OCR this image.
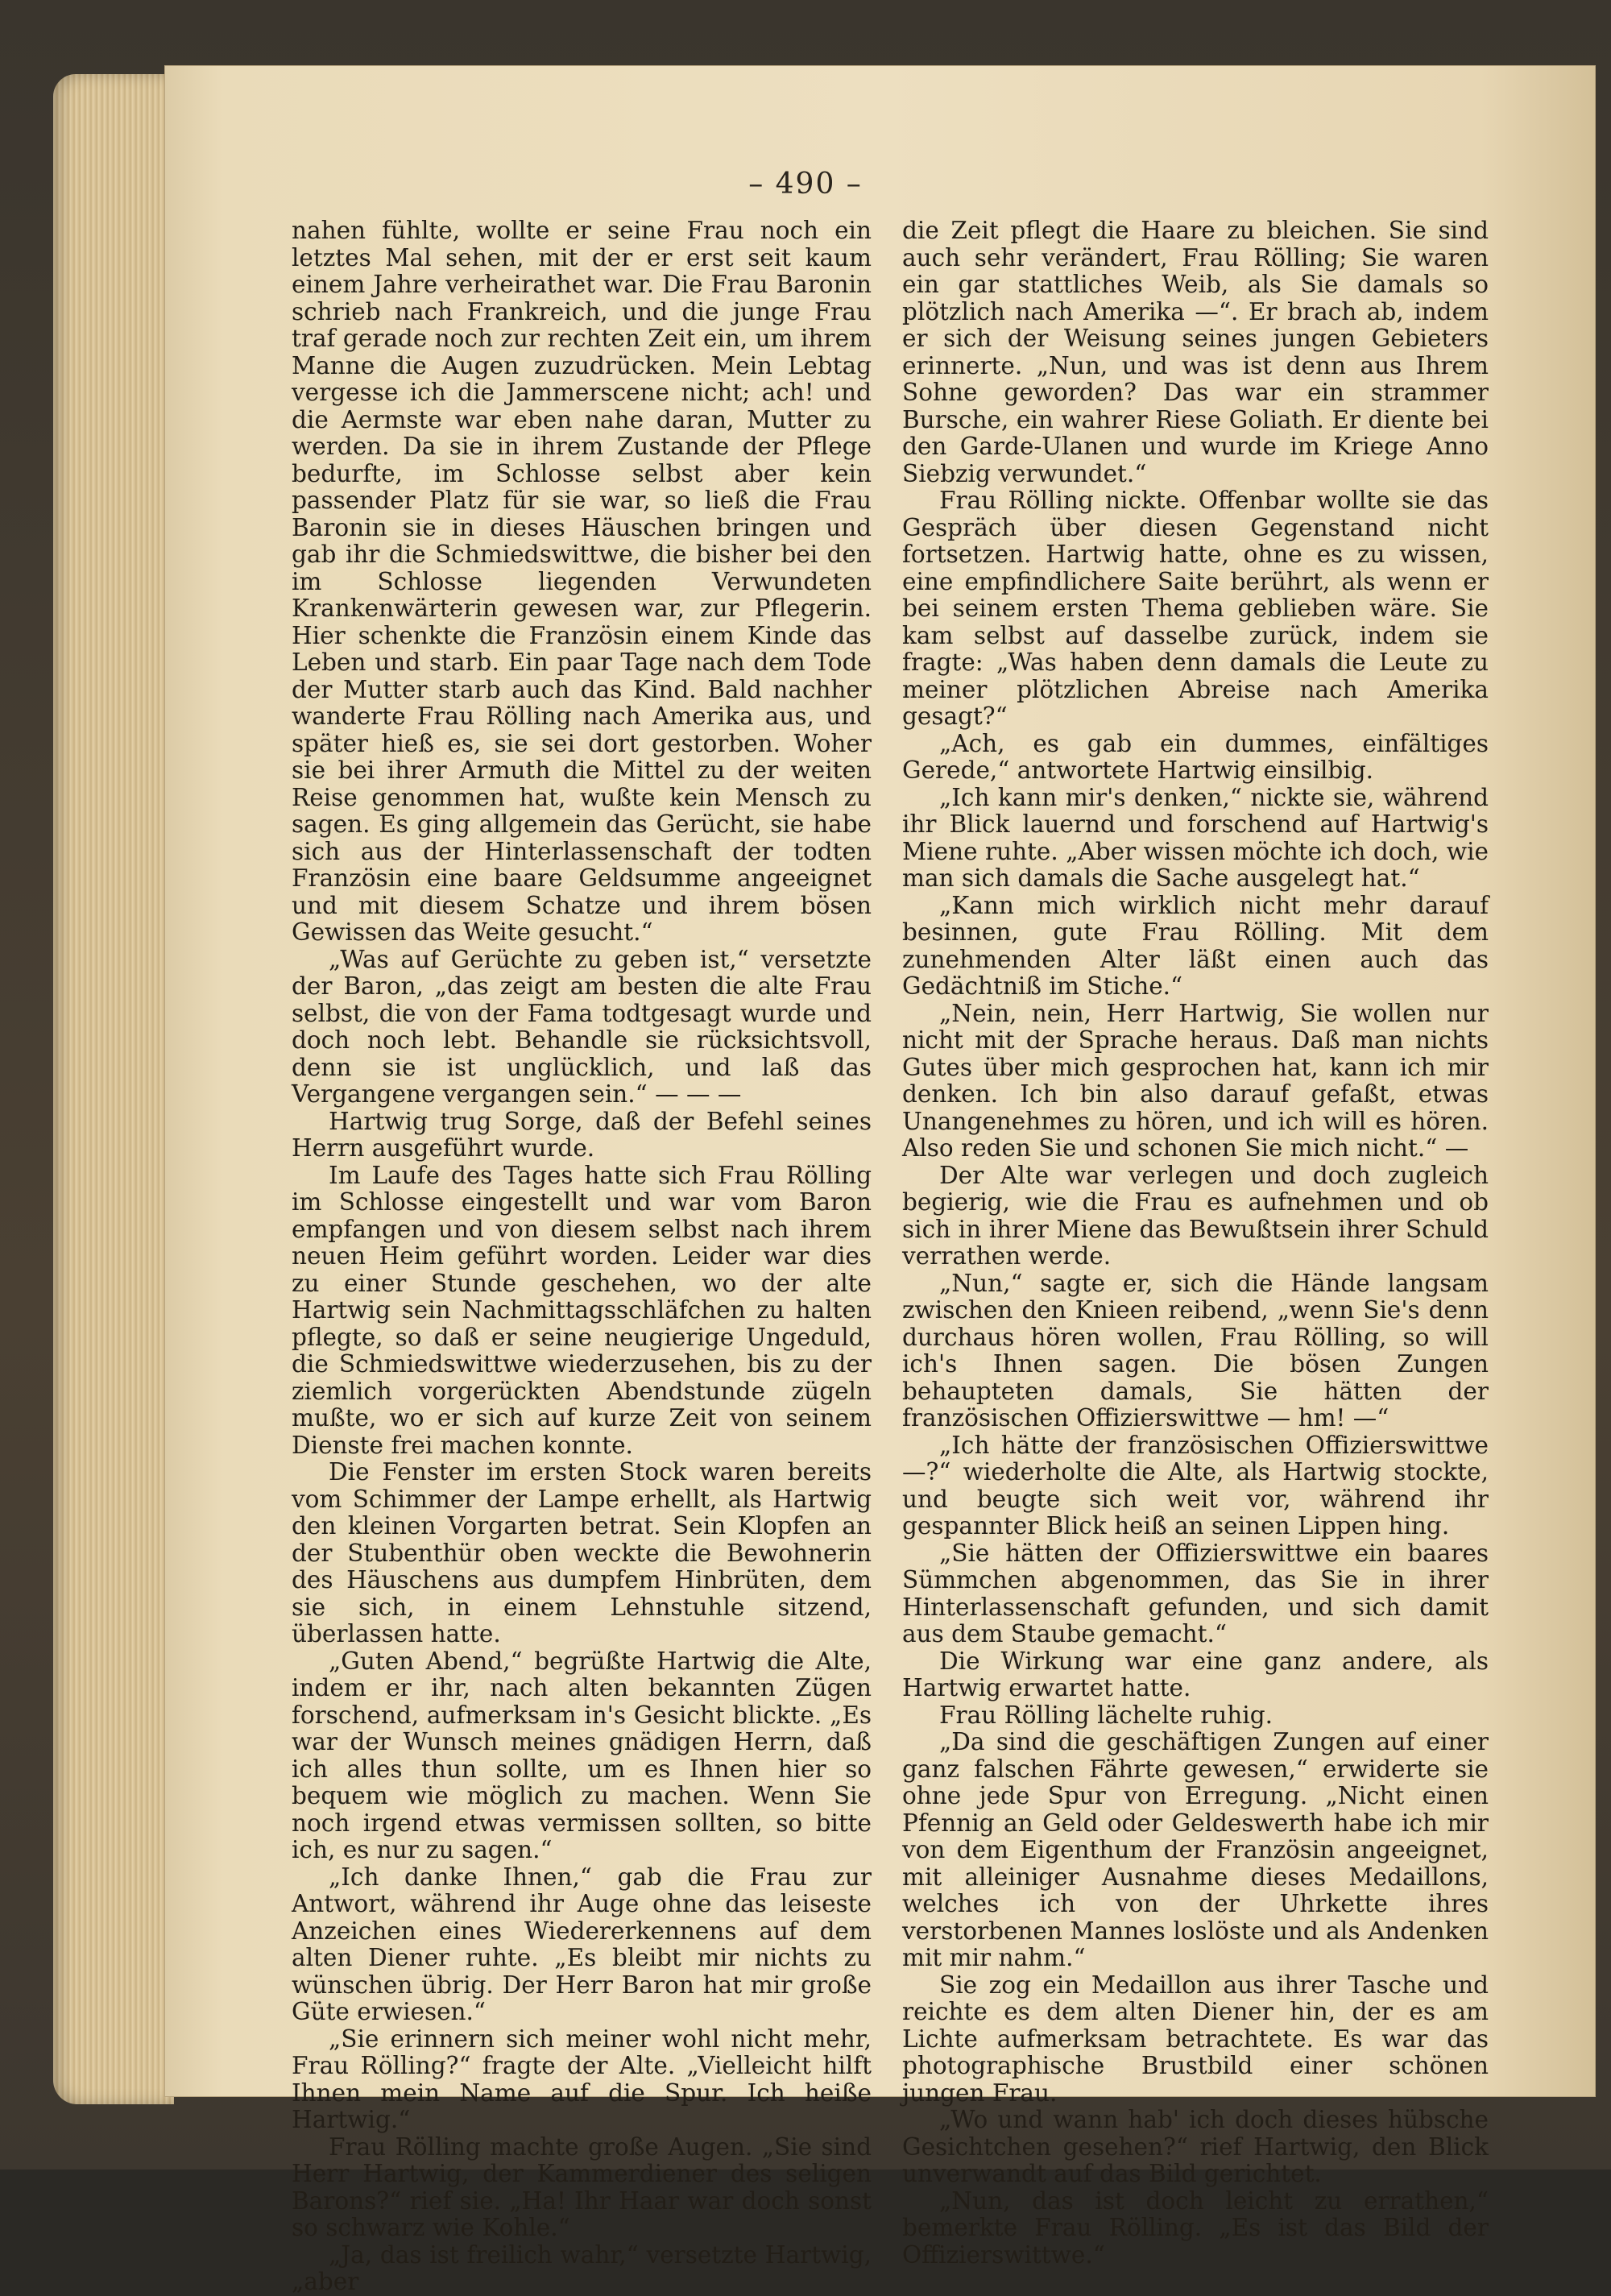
– 490 –

nahen fühlte, wollte er seine Frau noch ein letztes Mal sehen, mit der er erst seit kaum einem Jahre verheirathet war. Die Frau Baronin schrieb nach Frankreich, und die junge Frau traf gerade noch zur rechten Zeit ein, um ihrem Manne die Augen zuzudrücken. Mein Lebtag vergesse ich die Jammerscene nicht; ach! und die Aermste war eben nahe daran, Mutter zu werden. Da sie in ihrem Zustande der Pflege bedurfte, im Schlosse selbst aber kein passender Platz für sie war, so ließ die Frau Baronin sie in dieses Häuschen bringen und gab ihr die Schmiedswittwe, die bisher bei den im Schlosse liegenden Verwundeten Krankenwärterin gewesen war, zur Pflegerin. Hier schenkte die Französin einem Kinde das Leben und starb. Ein paar Tage nach dem Tode der Mutter starb auch das Kind. Bald nachher wanderte Frau Rölling nach Amerika aus, und später hieß es, sie sei dort gestorben. Woher sie bei ihrer Armuth die Mittel zu der weiten Reise genommen hat, wußte kein Mensch zu sagen. Es ging allgemein das Gerücht, sie habe sich aus der Hinterlassenschaft der todten Französin eine baare Geldsumme angeeignet und mit diesem Schatze und ihrem bösen Gewissen das Weite gesucht.“

„Was auf Gerüchte zu geben ist,“ versetzte der Baron, „das zeigt am besten die alte Frau selbst, die von der Fama todtgesagt wurde und doch noch lebt. Behandle sie rücksichtsvoll, denn sie ist unglücklich, und laß das Vergangene vergangen sein.“ — — —

Hartwig trug Sorge, daß der Befehl seines Herrn ausgeführt wurde.

Im Laufe des Tages hatte sich Frau Rölling im Schlosse eingestellt und war vom Baron empfangen und von diesem selbst nach ihrem neuen Heim geführt worden. Leider war dies zu einer Stunde geschehen, wo der alte Hartwig sein Nachmittagsschläfchen zu halten pflegte, so daß er seine neugierige Ungeduld, die Schmiedswittwe wiederzusehen, bis zu der ziemlich vorgerückten Abendstunde zügeln mußte, wo er sich auf kurze Zeit von seinem Dienste frei machen konnte.

Die Fenster im ersten Stock waren bereits vom Schimmer der Lampe erhellt, als Hartwig den kleinen Vorgarten betrat. Sein Klopfen an der Stubenthür oben weckte die Bewohnerin des Häuschens aus dumpfem Hinbrüten, dem sie sich, in einem Lehnstuhle sitzend, überlassen hatte.

„Guten Abend,“ begrüßte Hartwig die Alte, indem er ihr, nach alten bekannten Zügen forschend, aufmerksam in's Gesicht blickte. „Es war der Wunsch meines gnädigen Herrn, daß ich alles thun sollte, um es Ihnen hier so bequem wie möglich zu machen. Wenn Sie noch irgend etwas vermissen sollten, so bitte ich, es nur zu sagen.“

„Ich danke Ihnen,“ gab die Frau zur Antwort, während ihr Auge ohne das leiseste Anzeichen eines Wiedererkennens auf dem alten Diener ruhte. „Es bleibt mir nichts zu wünschen übrig. Der Herr Baron hat mir große Güte erwiesen.“

„Sie erinnern sich meiner wohl nicht mehr, Frau Rölling?“ fragte der Alte. „Vielleicht hilft Ihnen mein Name auf die Spur. Ich heiße Hartwig.“

Frau Rölling machte große Augen. „Sie sind Herr Hartwig, der Kammerdiener des seligen Barons?“ rief sie. „Ha! Ihr Haar war doch sonst so schwarz wie Kohle.“

„Ja, das ist freilich wahr,“ versetzte Hartwig, „aber

die Zeit pflegt die Haare zu bleichen. Sie sind auch sehr verändert, Frau Rölling; Sie waren ein gar stattliches Weib, als Sie damals so plötzlich nach Amerika —“. Er brach ab, indem er sich der Weisung seines jungen Gebieters erinnerte. „Nun, und was ist denn aus Ihrem Sohne geworden? Das war ein strammer Bursche, ein wahrer Riese Goliath. Er diente bei den Garde-Ulanen und wurde im Kriege Anno Siebzig verwundet.“

Frau Rölling nickte. Offenbar wollte sie das Gespräch über diesen Gegenstand nicht fortsetzen. Hartwig hatte, ohne es zu wissen, eine empfindlichere Saite berührt, als wenn er bei seinem ersten Thema geblieben wäre. Sie kam selbst auf dasselbe zurück, indem sie fragte: „Was haben denn damals die Leute zu meiner plötzlichen Abreise nach Amerika gesagt?“

„Ach, es gab ein dummes, einfältiges Gerede,“ antwortete Hartwig einsilbig.

„Ich kann mir's denken,“ nickte sie, während ihr Blick lauernd und forschend auf Hartwig's Miene ruhte. „Aber wissen möchte ich doch, wie man sich damals die Sache ausgelegt hat.“

„Kann mich wirklich nicht mehr darauf besinnen, gute Frau Rölling. Mit dem zunehmenden Alter läßt einen auch das Gedächtniß im Stiche.“

„Nein, nein, Herr Hartwig, Sie wollen nur nicht mit der Sprache heraus. Daß man nichts Gutes über mich gesprochen hat, kann ich mir denken. Ich bin also darauf gefaßt, etwas Unangenehmes zu hören, und ich will es hören. Also reden Sie und schonen Sie mich nicht.“ —

Der Alte war verlegen und doch zugleich begierig, wie die Frau es aufnehmen und ob sich in ihrer Miene das Bewußtsein ihrer Schuld verrathen werde.

„Nun,“ sagte er, sich die Hände langsam zwischen den Knieen reibend, „wenn Sie's denn durchaus hören wollen, Frau Rölling, so will ich's Ihnen sagen. Die bösen Zungen behaupteten damals, Sie hätten der französischen Offizierswittwe — hm! —“

„Ich hätte der französischen Offizierswittwe —?“ wiederholte die Alte, als Hartwig stockte, und beugte sich weit vor, während ihr gespannter Blick heiß an seinen Lippen hing.

„Sie hätten der Offizierswittwe ein baares Sümmchen abgenommen, das Sie in ihrer Hinterlassenschaft gefunden, und sich damit aus dem Staube gemacht.“

Die Wirkung war eine ganz andere, als Hartwig erwartet hatte.

Frau Rölling lächelte ruhig.

„Da sind die geschäftigen Zungen auf einer ganz falschen Fährte gewesen,“ erwiderte sie ohne jede Spur von Erregung. „Nicht einen Pfennig an Geld oder Geldeswerth habe ich mir von dem Eigenthum der Französin angeeignet, mit alleiniger Ausnahme dieses Medaillons, welches ich von der Uhrkette ihres verstorbenen Mannes loslöste und als Andenken mit mir nahm.“

Sie zog ein Medaillon aus ihrer Tasche und reichte es dem alten Diener hin, der es am Lichte aufmerksam betrachtete. Es war das photographische Brustbild einer schönen jungen Frau.

„Wo und wann hab' ich doch dieses hübsche Gesichtchen gesehen?“ rief Hartwig, den Blick unverwandt auf das Bild gerichtet.

„Nun, das ist doch leicht zu errathen,“ bemerkte Frau Rölling. „Es ist das Bild der Offizierswittwe.“
